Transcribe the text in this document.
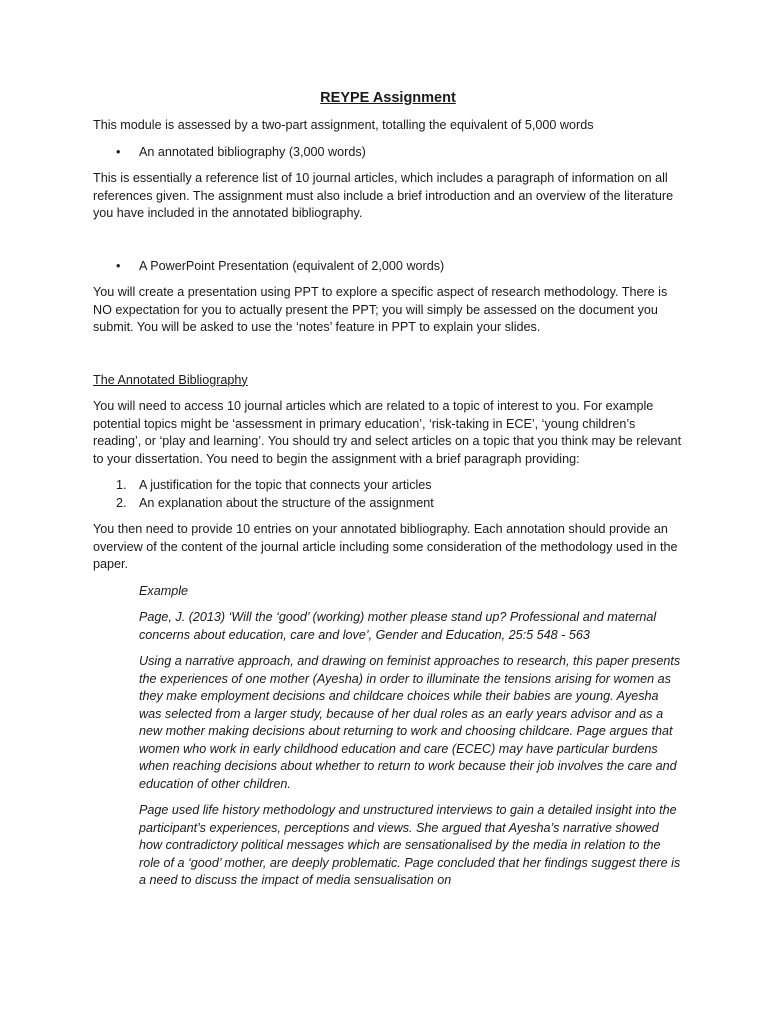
REYPE Assignment

This module is assessed by a two-part assignment, totalling the equivalent of 5,000 words

• An annotated bibliography (3,000 words)

This is essentially a reference list of 10 journal articles, which includes a paragraph of information on all references given. The assignment must also include a brief introduction and an overview of the literature you have included in the annotated bibliography.

• A PowerPoint Presentation (equivalent of 2,000 words)

You will create a presentation using PPT to explore a specific aspect of research methodology. There is NO expectation for you to actually present the PPT; you will simply be assessed on the document you submit. You will be asked to use the ‘notes’ feature in PPT to explain your slides.

The Annotated Bibliography

You will need to access 10 journal articles which are related to a topic of interest to you. For example potential topics might be ‘assessment in primary education’, ‘risk-taking in ECE’, ‘young children’s reading’, or ‘play and learning’. You should try and select articles on a topic that you think may be relevant to your dissertation. You need to begin the assignment with a brief paragraph providing:

1. A justification for the topic that connects your articles
2. An explanation about the structure of the assignment

You then need to provide 10 entries on your annotated bibliography. Each annotation should provide an overview of the content of the journal article including some consideration of the methodology used in the paper.

Example

Page, J. (2013) ‘Will the ‘good’ (working) mother please stand up? Professional and maternal concerns about education, care and love’, Gender and Education, 25:5 548 - 563

Using a narrative approach, and drawing on feminist approaches to research, this paper presents the experiences of one mother (Ayesha) in order to illuminate the tensions arising for women as they make employment decisions and childcare choices while their babies are young. Ayesha was selected from a larger study, because of her dual roles as an early years advisor and as a new mother making decisions about returning to work and choosing childcare. Page argues that women who work in early childhood education and care (ECEC) may have particular burdens when reaching decisions about whether to return to work because their job involves the care and education of other children.

Page used life history methodology and unstructured interviews to gain a detailed insight into the participant’s experiences, perceptions and views. She argued that Ayesha’s narrative showed how contradictory political messages which are sensationalised by the media in relation to the role of a ‘good’ mother, are deeply problematic. Page concluded that her findings suggest there is a need to discuss the impact of media sensualisation on
